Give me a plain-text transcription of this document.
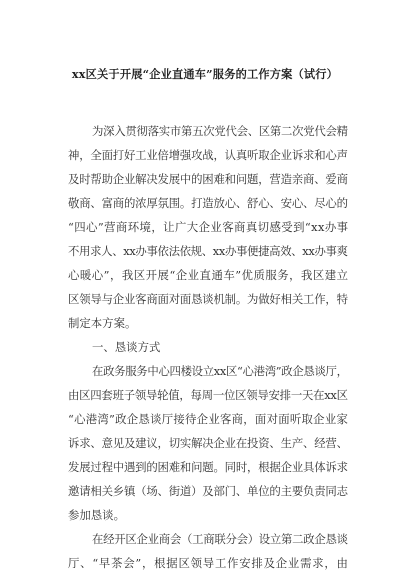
xx区关于开展“企业直通车”服务的工作方案（试行）
为深入贯彻落实市第五次党代会、区第二次党代会精
神，全面打好工业倍增强攻战，认真听取企业诉求和心声
及时帮助企业解决发展中的困难和问题，营造亲商、爱商
敬商、富商的浓厚氛围。打造放心、舒心、安心、尽心的
“四心”营商环境，让广大企业客商真切感受到“xx办事
不用求人、xx办事依法依规、xx办事便捷高效、xx办事爽
心暖心”，我区开展“企业直通车”优质服务，我区建立
区领导与企业客商面对面恳谈机制。为做好相关工作，特
制定本方案。
一、恳谈方式
在政务服务中心四楼设立xx区“心港湾”政企恳谈厅，
由区四套班子领导轮值，每周一位区领导安排一天在xx区
“心港湾”政企恳谈厅接待企业客商，面对面听取企业家
诉求、意见及建议，切实解决企业在投资、生产、经营、
发展过程中遇到的困难和问题。同时，根据企业具体诉求
邀请相关乡镇（场、街道）及部门、单位的主要负责同志
参加恳谈。
在经开区企业商会（工商联分会）设立第二政企恳谈
厅、“早茶会”，根据区领导工作安排及企业需求，由
